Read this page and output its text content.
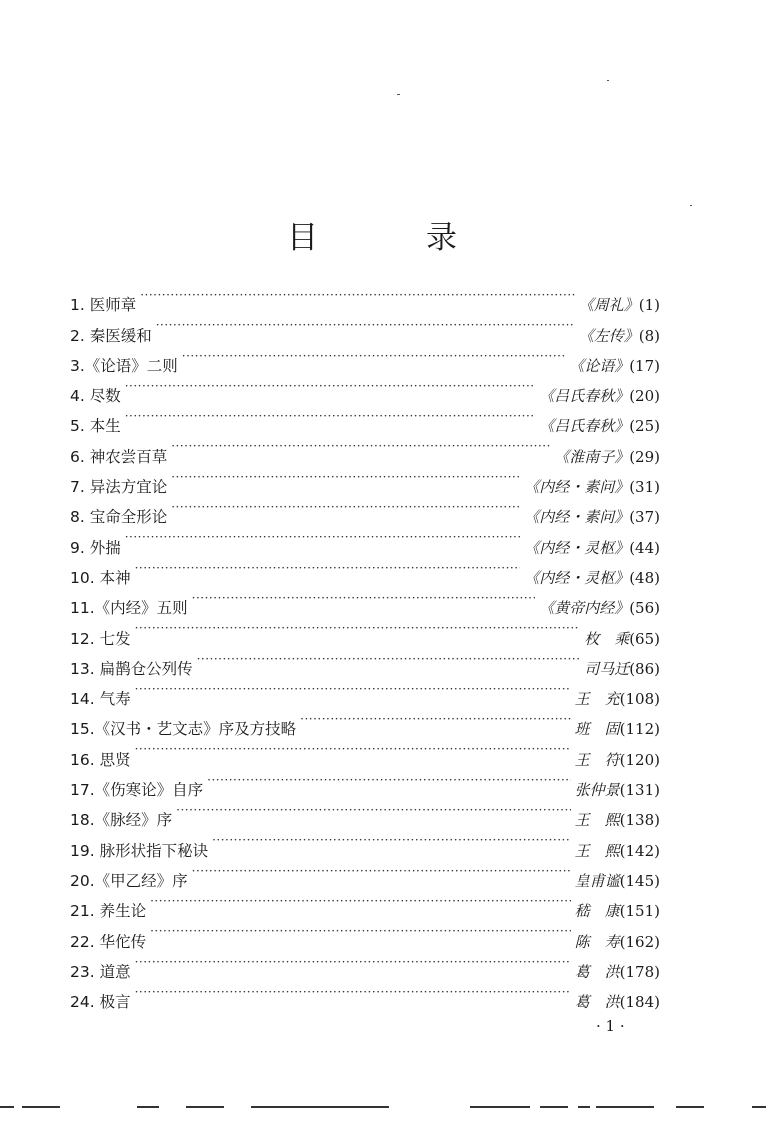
目	录
1. 医师章 ·····	《周礼》 (1)
2. 秦医缓和 ·····	《左传》 (8)
3.《论语》二则 ·····	《论语》 (17)
4. 尽数 ·····	《吕氏春秋》 (20)
5. 本生 ·····	《吕氏春秋》 (25)
6. 神农尝百草 ·····	《淮南子》 (29)
7. 异法方宜论 ·····	《内经・素问》 (31)
8. 宝命全形论 ·····	《内经・素问》 (37)
9. 外揣 ·····	《内经・灵枢》 (44)
10. 本神 ·····	《内经・灵枢》 (48)
11.《内经》五则 ·····	《黄帝内经》 (56)
12. 七发 ·····	枚　乘 (65)
13. 扁鹊仓公列传 ·····	司马迁 (86)
14. 气寿 ·····	王　充 (108)
15.《汉书・艺文志》序及方技略 ·····	班　固 (112)
16. 思贤 ·····	王　符 (120)
17.《伤寒论》自序 ·····	张仲景 (131)
18.《脉经》序 ·····	王　熙 (138)
19. 脉形状指下秘诀 ·····	王　熙 (142)
20.《甲乙经》序 ·····	皇甫谧 (145)
21. 养生论 ·····	嵇　康 (151)
22. 华佗传 ·····	陈　寿 (162)
23. 道意 ·····	葛　洪 (178)
24. 极言 ·····	葛　洪 (184)
· 1 ·
